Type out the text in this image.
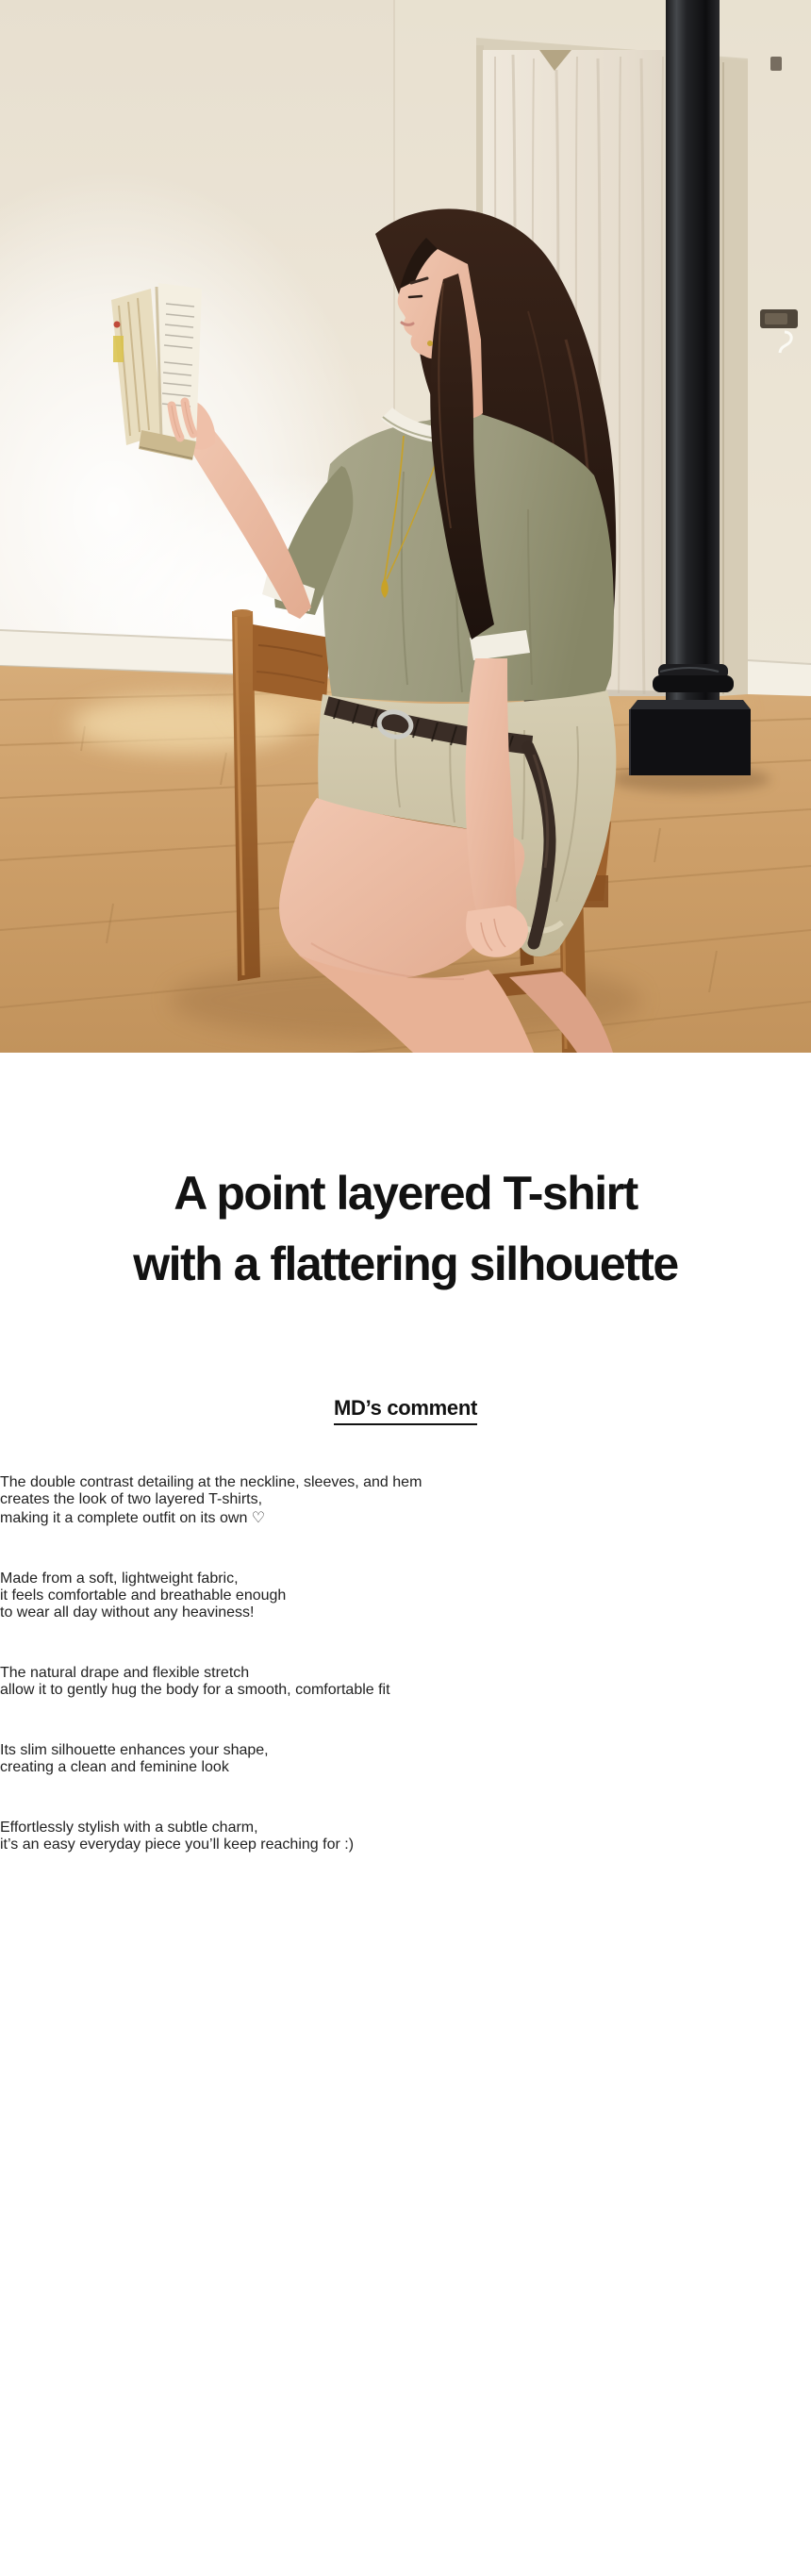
A point layered T-shirt
with a flattering silhouette
MD’s comment

The double contrast detailing at the neckline, sleeves, and hem
creates the look of two layered T-shirts,
making it a complete outfit on its own ♡

Made from a soft, lightweight fabric,
it feels comfortable and breathable enough
to wear all day without any heaviness!

The natural drape and flexible stretch
allow it to gently hug the body for a smooth, comfortable fit

Its slim silhouette enhances your shape,
creating a clean and feminine look

Effortlessly stylish with a subtle charm,
it’s an easy everyday piece you’ll keep reaching for :)
